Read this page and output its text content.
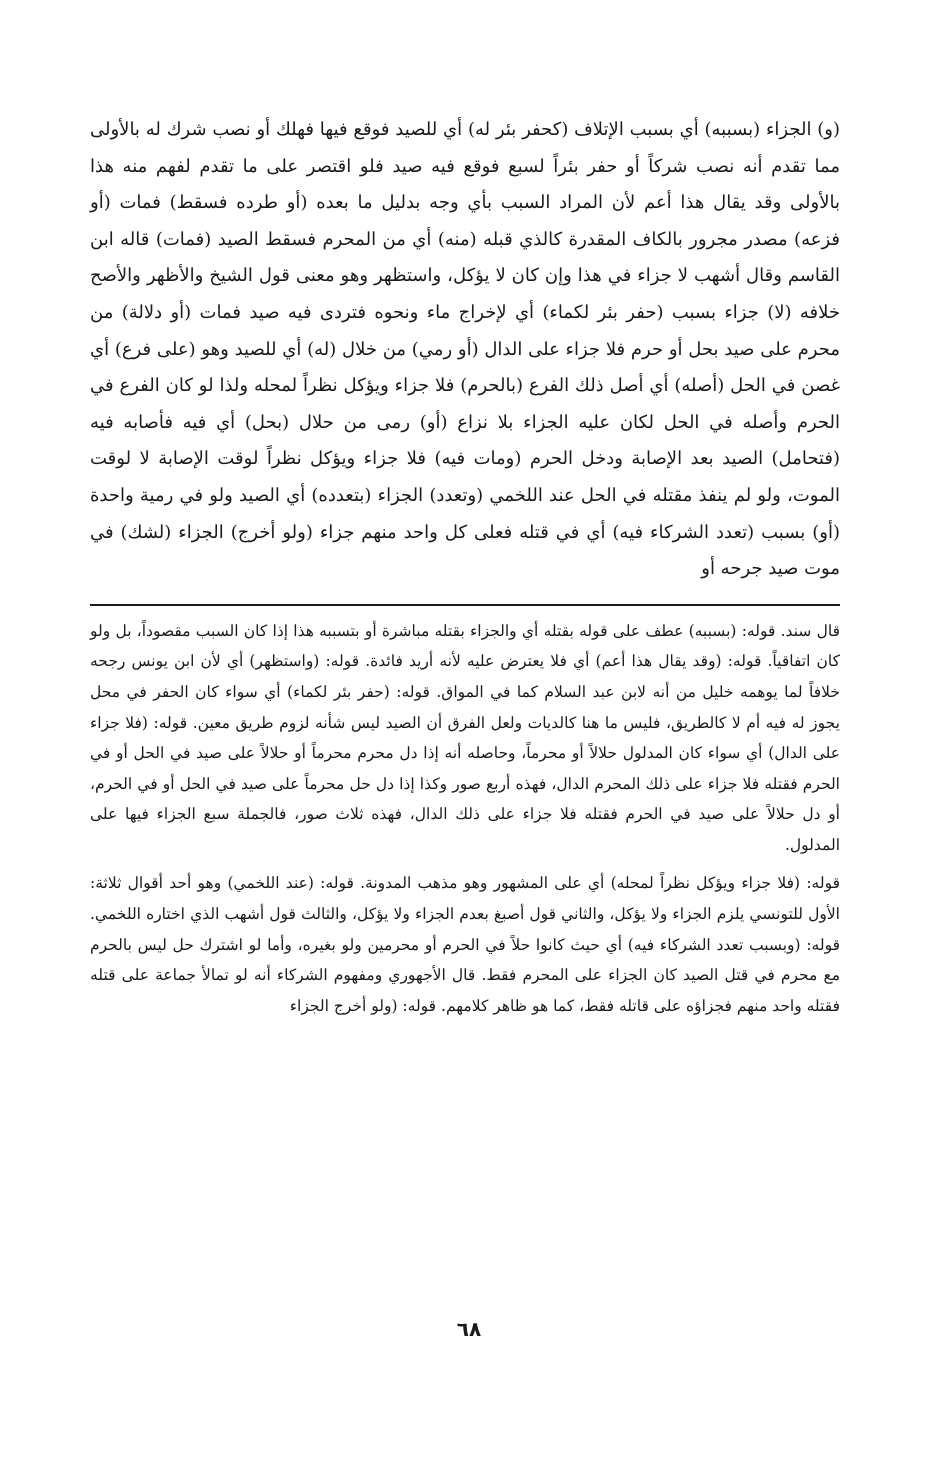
(و) الجزاء (بسببه) أي بسبب الإتلاف (كحفر بئر له) أي للصيد فوقع فيها فهلك أو نصب شرك له بالأولى مما تقدم أنه نصب شركاً أو حفر بئراً لسبع فوقع فيه صيد فلو اقتصر على ما تقدم لفهم منه هذا بالأولى وقد يقال هذا أعم لأن المراد السبب بأي وجه بدليل ما بعده (أو طرده فسقط) فمات (أو فزعه) مصدر مجرور بالكاف المقدرة كالذي قبله (منه) أي من المحرم فسقط الصيد (فمات) قاله ابن القاسم وقال أشهب لا جزاء في هذا وإن كان لا يؤكل، واستظهر وهو معنى قول الشيخ والأظهر والأصح خلافه (لا) جزاء بسبب (حفر بئر لكماء) أي لإخراج ماء ونحوه فتردى فيه صيد فمات (أو دلالة) من محرم على صيد بحل أو حرم فلا جزاء على الدال (أو رمي) من خلال (له) أي للصيد وهو (على فرع) أي غصن في الحل (أصله) أي أصل ذلك الفرع (بالحرم) فلا جزاء ويؤكل نظراً لمحله ولذا لو كان الفرع في الحرم وأصله في الحل لكان عليه الجزاء بلا نزاع (أو) رمى من حلال (بحل) أي فيه فأصابه فيه (فتحامل) الصيد بعد الإصابة ودخل الحرم (ومات فيه) فلا جزاء ويؤكل نظراً لوقت الإصابة لا لوقت الموت، ولو لم ينفذ مقتله في الحل عند اللخمي (وتعدد) الجزاء (بتعدده) أي الصيد ولو في رمية واحدة (أو) بسبب (تعدد الشركاء فيه) أي في قتله فعلى كل واحد منهم جزاء (ولو أخرج) الجزاء (لشك) في موت صيد جرحه أو

قال سند. قوله: (بسببه) عطف على قوله بقتله أي والجزاء بقتله مباشرة أو بتسببه هذا إذا كان السبب مقصوداً، بل ولو كان اتفاقياً. قوله: (وقد يقال هذا أعم) أي فلا يعترض عليه لأنه أريد فائدة. قوله: (واستظهر) أي لأن ابن يونس رجحه خلافاً لما يوهمه خليل من أنه لابن عبد السلام كما في المواق. قوله: (حفر بئر لكماء) أي سواء كان الحفر في محل يجوز له فيه أم لا كالطريق، فليس ما هنا كالديات ولعل الفرق أن الصيد ليس شأنه لزوم طريق معين. قوله: (فلا جزاء على الدال) أي سواء كان المدلول حلالاً أو محرماً، وحاصله أنه إذا دل محرم محرماً أو حلالاً على صيد في الحل أو في الحرم فقتله فلا جزاء على ذلك المحرم الدال، فهذه أربع صور وكذا إذا دل حل محرماً على صيد في الحل أو في الحرم، أو دل حلالاً على صيد في الحرم فقتله فلا جزاء على ذلك الدال، فهذه ثلاث صور، فالجملة سبع الجزاء فيها على المدلول.

قوله: (فلا جزاء ويؤكل نظراً لمحله) أي على المشهور وهو مذهب المدونة. قوله: (عند اللخمي) وهو أحد أقوال ثلاثة: الأول للتونسي يلزم الجزاء ولا يؤكل، والثاني قول أصبغ بعدم الجزاء ولا يؤكل، والثالث قول أشهب الذي اختاره اللخمي. قوله: (وبسبب تعدد الشركاء فيه) أي حيث كانوا حلاً في الحرم أو محرمين ولو بغيره، وأما لو اشترك حل ليس بالحرم مع محرم في قتل الصيد كان الجزاء على المحرم فقط. قال الأجهوري ومفهوم الشركاء أنه لو تمالأ جماعة على قتله فقتله واحد منهم فجزاؤه على قاتله فقط، كما هو ظاهر كلامهم. قوله: (ولو أخرج الجزاء

٦٨
